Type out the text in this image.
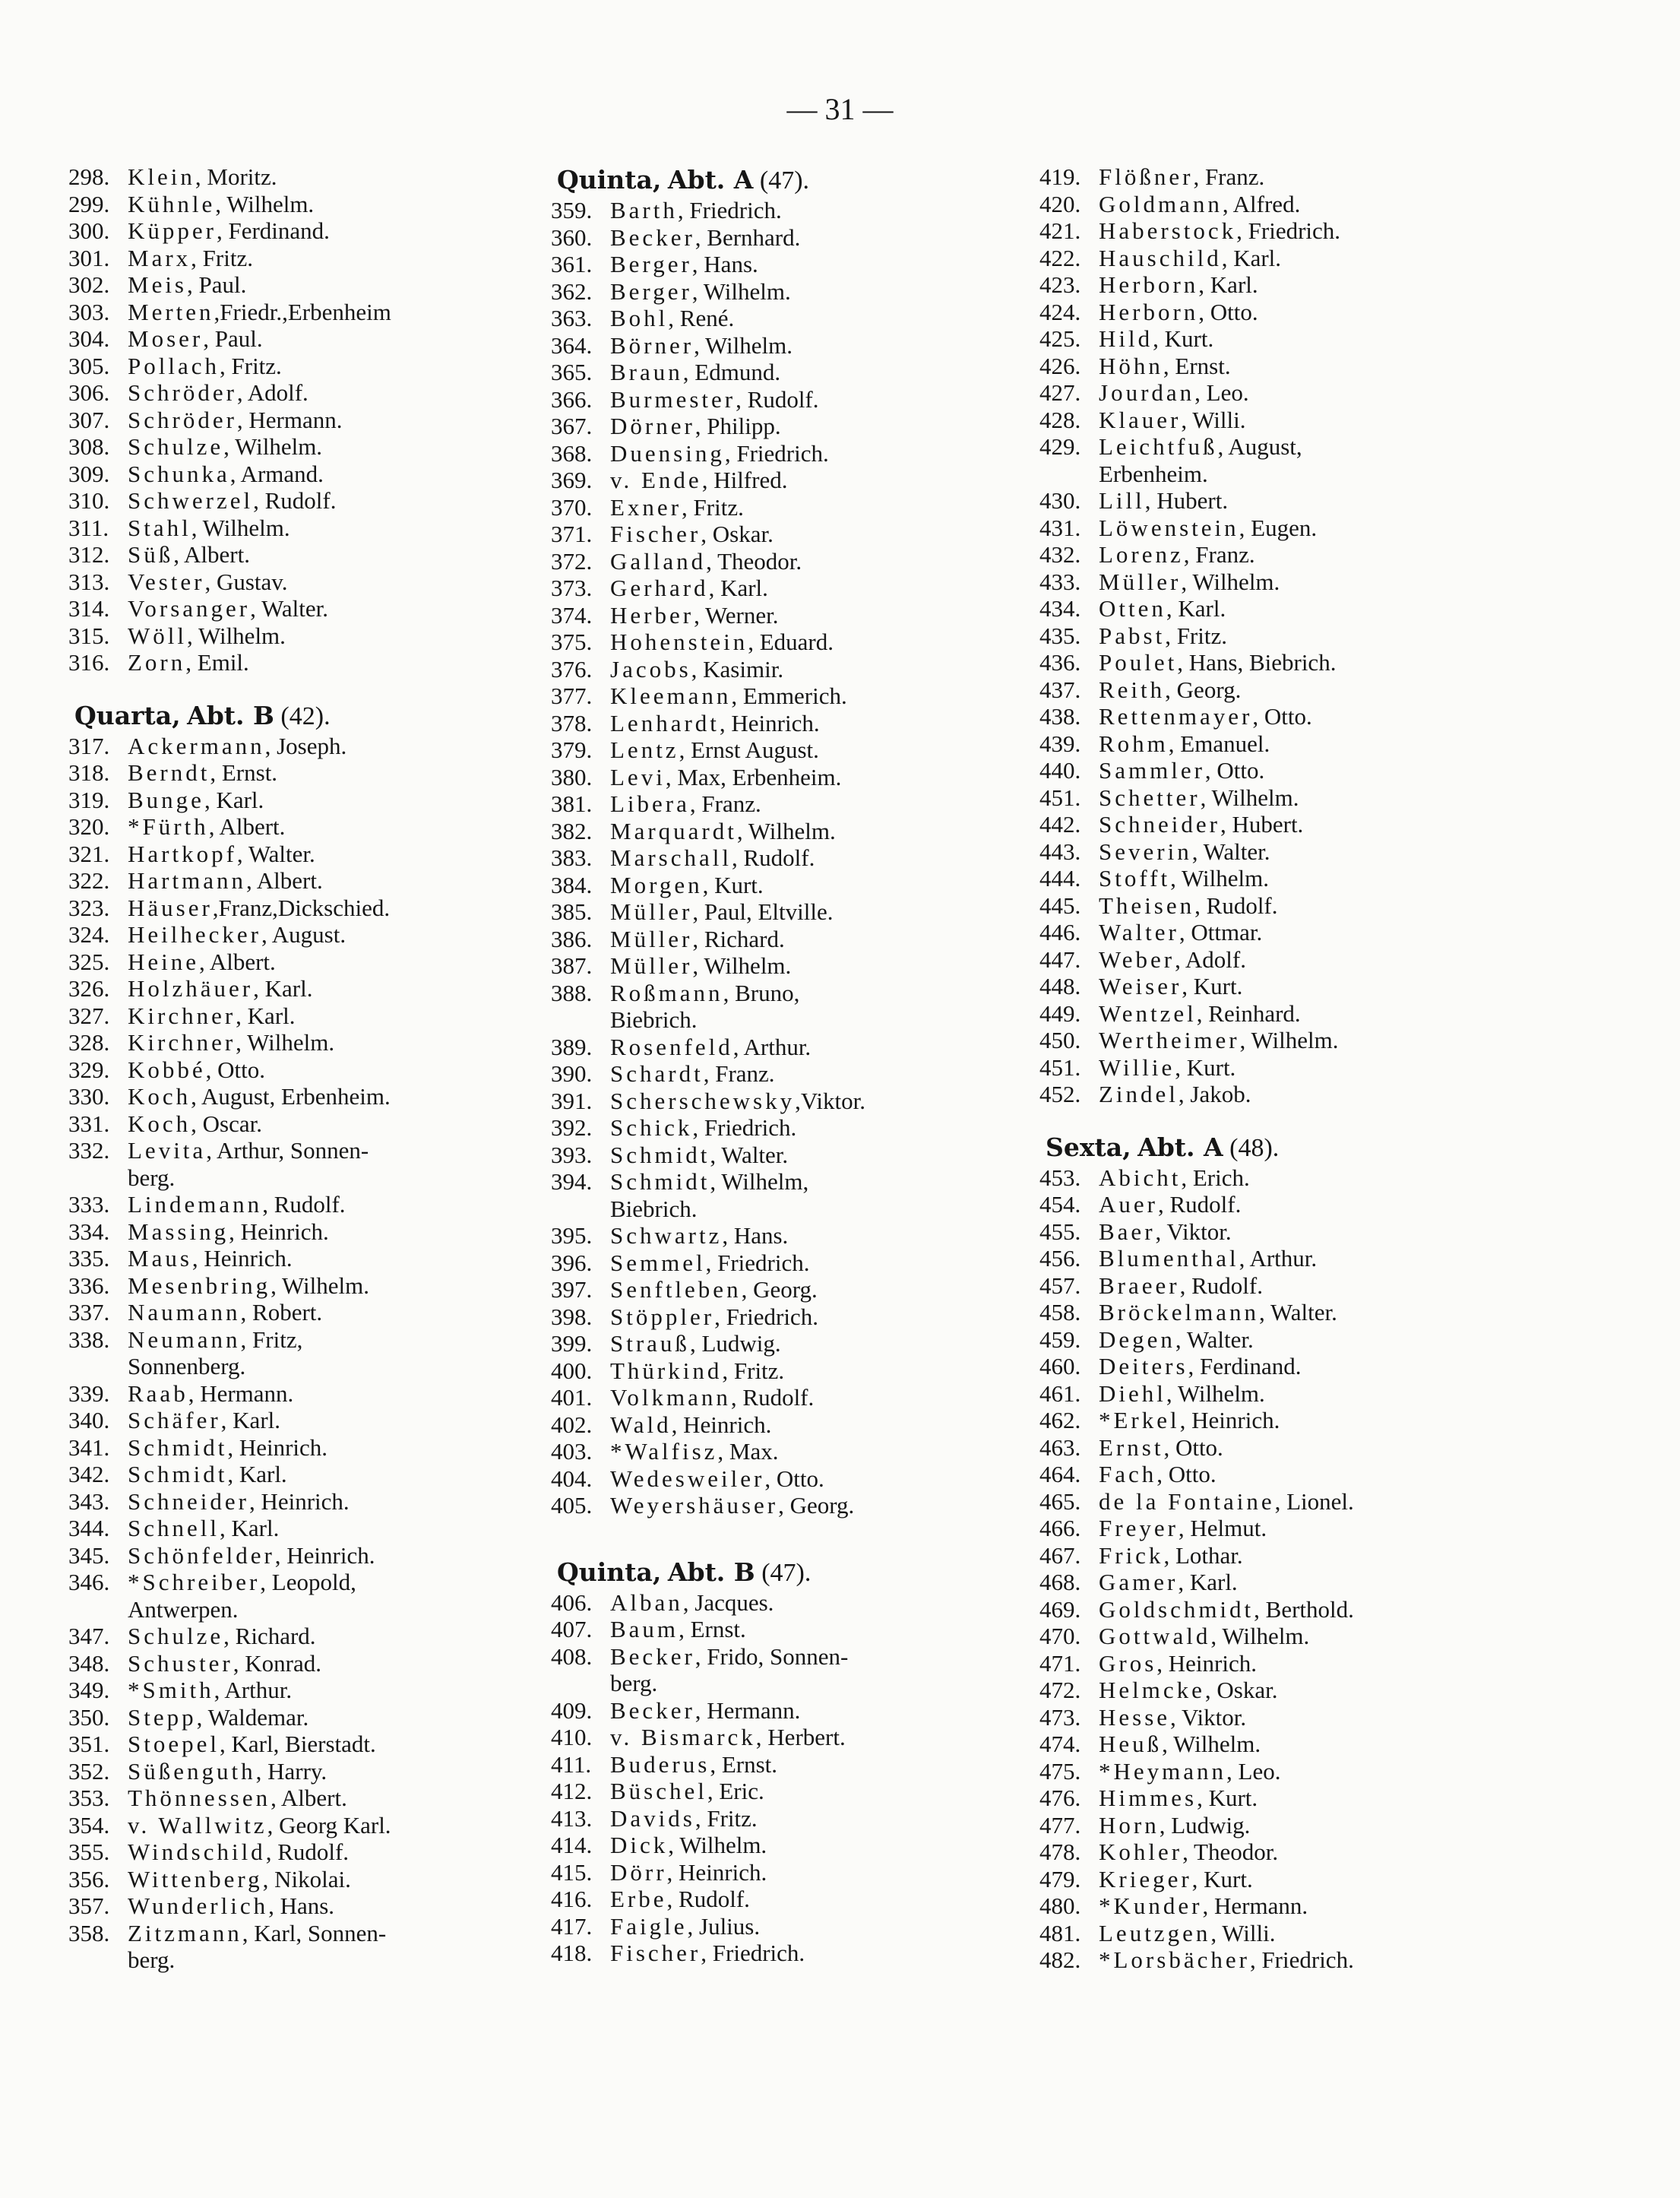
— 31 —
298. Klein, Moritz.
299. Kühnle, Wilhelm.
300. Küpper, Ferdinand.
301. Marx, Fritz.
302. Meis, Paul.
303. Merten,Friedr.,Erbenheim
304. Moser, Paul.
305. Pollach, Fritz.
306. Schröder, Adolf.
307. Schröder, Hermann.
308. Schulze, Wilhelm.
309. Schunka, Armand.
310. Schwerzel, Rudolf.
311. Stahl, Wilhelm.
312. Süß, Albert.
313. Vester, Gustav.
314. Vorsanger, Walter.
315. Wöll, Wilhelm.
316. Zorn, Emil.
Quarta, Abt. B (42).
317. Ackermann, Joseph.
318. Berndt, Ernst.
319. Bunge, Karl.
320. *Fürth, Albert.
321. Hartkopf, Walter.
322. Hartmann, Albert.
323. Häuser,Franz,Dickschied.
324. Heilhecker, August.
325. Heine, Albert.
326. Holzhäuer, Karl.
327. Kirchner, Karl.
328. Kirchner, Wilhelm.
329. Kobbé, Otto.
330. Koch, August, Erbenheim.
331. Koch, Oscar.
332. Levita, Arthur, Sonnen-
berg.
333. Lindemann, Rudolf.
334. Massing, Heinrich.
335. Maus, Heinrich.
336. Mesenbring, Wilhelm.
337. Naumann, Robert.
338. Neumann, Fritz,
Sonnenberg.
339. Raab, Hermann.
340. Schäfer, Karl.
341. Schmidt, Heinrich.
342. Schmidt, Karl.
343. Schneider, Heinrich.
344. Schnell, Karl.
345. Schönfelder, Heinrich.
346. *Schreiber, Leopold,
Antwerpen.
347. Schulze, Richard.
348. Schuster, Konrad.
349. *Smith, Arthur.
350. Stepp, Waldemar.
351. Stoepel, Karl, Bierstadt.
352. Süßenguth, Harry.
353. Thönnessen, Albert.
354. v. Wallwitz, Georg Karl.
355. Windschild, Rudolf.
356. Wittenberg, Nikolai.
357. Wunderlich, Hans.
358. Zitzmann, Karl, Sonnen-
berg.
Quinta, Abt. A (47).
359. Barth, Friedrich.
360. Becker, Bernhard.
361. Berger, Hans.
362. Berger, Wilhelm.
363. Bohl, René.
364. Börner, Wilhelm.
365. Braun, Edmund.
366. Burmester, Rudolf.
367. Dörner, Philipp.
368. Duensing, Friedrich.
369. v. Ende, Hilfred.
370. Exner, Fritz.
371. Fischer, Oskar.
372. Galland, Theodor.
373. Gerhard, Karl.
374. Herber, Werner.
375. Hohenstein, Eduard.
376. Jacobs, Kasimir.
377. Kleemann, Emmerich.
378. Lenhardt, Heinrich.
379. Lentz, Ernst August.
380. Levi, Max, Erbenheim.
381. Libera, Franz.
382. Marquardt, Wilhelm.
383. Marschall, Rudolf.
384. Morgen, Kurt.
385. Müller, Paul, Eltville.
386. Müller, Richard.
387. Müller, Wilhelm.
388. Roßmann, Bruno,
Biebrich.
389. Rosenfeld, Arthur.
390. Schardt, Franz.
391. Scherschewsky,Viktor.
392. Schick, Friedrich.
393. Schmidt, Walter.
394. Schmidt, Wilhelm,
Biebrich.
395. Schwartz, Hans.
396. Semmel, Friedrich.
397. Senftleben, Georg.
398. Stöppler, Friedrich.
399. Strauß, Ludwig.
400. Thürkind, Fritz.
401. Volkmann, Rudolf.
402. Wald, Heinrich.
403. *Walfisz, Max.
404. Wedesweiler, Otto.
405. Weyershäuser, Georg.
Quinta, Abt. B (47).
406. Alban, Jacques.
407. Baum, Ernst.
408. Becker, Frido, Sonnen-
berg.
409. Becker, Hermann.
410. v. Bismarck, Herbert.
411. Buderus, Ernst.
412. Büschel, Eric.
413. Davids, Fritz.
414. Dick, Wilhelm.
415. Dörr, Heinrich.
416. Erbe, Rudolf.
417. Faigle, Julius.
418. Fischer, Friedrich.
419. Flößner, Franz.
420. Goldmann, Alfred.
421. Haberstock, Friedrich.
422. Hauschild, Karl.
423. Herborn, Karl.
424. Herborn, Otto.
425. Hild, Kurt.
426. Höhn, Ernst.
427. Jourdan, Leo.
428. Klauer, Willi.
429. Leichtfuß, August,
Erbenheim.
430. Lill, Hubert.
431. Löwenstein, Eugen.
432. Lorenz, Franz.
433. Müller, Wilhelm.
434. Otten, Karl.
435. Pabst, Fritz.
436. Poulet, Hans, Biebrich.
437. Reith, Georg.
438. Rettenmayer, Otto.
439. Rohm, Emanuel.
440. Sammler, Otto.
451. Schetter, Wilhelm.
442. Schneider, Hubert.
443. Severin, Walter.
444. Stofft, Wilhelm.
445. Theisen, Rudolf.
446. Walter, Ottmar.
447. Weber, Adolf.
448. Weiser, Kurt.
449. Wentzel, Reinhard.
450. Wertheimer, Wilhelm.
451. Willie, Kurt.
452. Zindel, Jakob.
Sexta, Abt. A (48).
453. Abicht, Erich.
454. Auer, Rudolf.
455. Baer, Viktor.
456. Blumenthal, Arthur.
457. Braeer, Rudolf.
458. Bröckelmann, Walter.
459. Degen, Walter.
460. Deiters, Ferdinand.
461. Diehl, Wilhelm.
462. *Erkel, Heinrich.
463. Ernst, Otto.
464. Fach, Otto.
465. de la Fontaine, Lionel.
466. Freyer, Helmut.
467. Frick, Lothar.
468. Gamer, Karl.
469. Goldschmidt, Berthold.
470. Gottwald, Wilhelm.
471. Gros, Heinrich.
472. Helmcke, Oskar.
473. Hesse, Viktor.
474. Heuß, Wilhelm.
475. *Heymann, Leo.
476. Himmes, Kurt.
477. Horn, Ludwig.
478. Kohler, Theodor.
479. Krieger, Kurt.
480. *Kunder, Hermann.
481. Leutzgen, Willi.
482. *Lorsbächer, Friedrich.
